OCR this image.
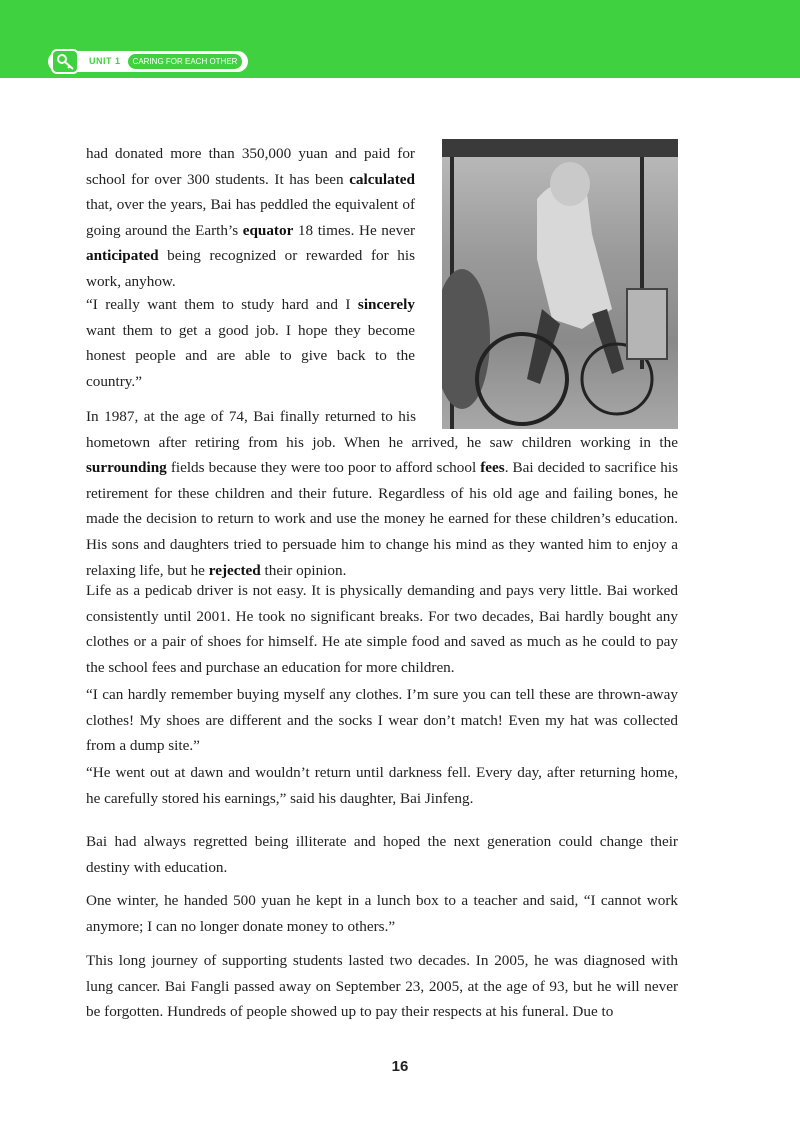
UNIT 1	CARING FOR EACH OTHER

had donated more than 350,000 yuan and paid for school for over 300 students. It has been calculated that, over the years, Bai has peddled the equivalent of going around the Earth’s equator 18 times. He never anticipated being recognized or rewarded for his work, anyhow.

“I really want them to study hard and I sincerely want them to get a good job. I hope they become honest people and are able to give back to the country.”

In 1987, at the age of 74, Bai finally returned to his hometown after retiring from his job. When he arrived, he saw children working in the surrounding fields because they were too poor to afford school fees. Bai decided to sacrifice his retirement for these children and their future. Regardless of his old age and failing bones, he made the decision to return to work and use the money he earned for these children’s education. His sons and daughters tried to persuade him to change his mind as they wanted him to enjoy a relaxing life, but he rejected their opinion.

Life as a pedicab driver is not easy. It is physically demanding and pays very little. Bai worked consistently until 2001. He took no significant breaks. For two decades, Bai hardly bought any clothes or a pair of shoes for himself. He ate simple food and saved as much as he could to pay the school fees and purchase an education for more children.

“I can hardly remember buying myself any clothes. I’m sure you can tell these are thrown-away clothes! My shoes are different and the socks I wear don’t match! Even my hat was collected from a dump site.”

“He went out at dawn and wouldn’t return until darkness fell. Every day, after returning home, he carefully stored his earnings,” said his daughter, Bai Jinfeng.

Bai had always regretted being illiterate and hoped the next generation could change their destiny with education.

One winter, he handed 500 yuan he kept in a lunch box to a teacher and said, “I cannot work anymore; I can no longer donate money to others.”

This long journey of supporting students lasted two decades. In 2005, he was diagnosed with lung cancer. Bai Fangli passed away on September 23, 2005, at the age of 93, but he will never be forgotten. Hundreds of people showed up to pay their respects at his funeral. Due to

16
